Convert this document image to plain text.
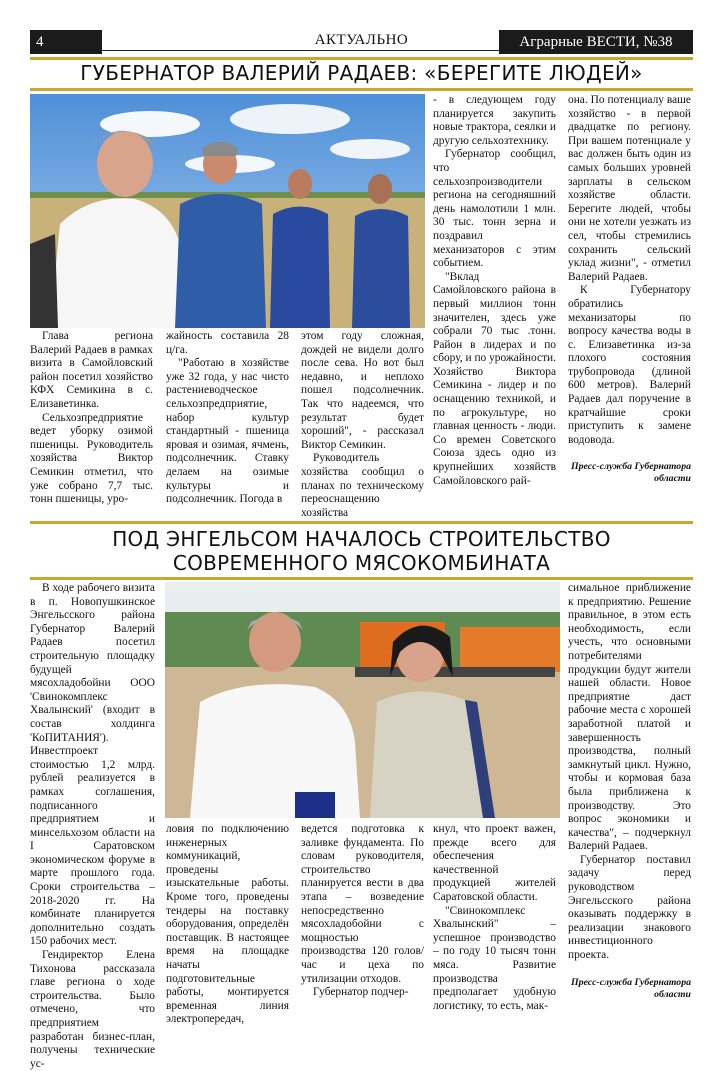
АКТУАЛЬНО
4	Аграрные ВЕСТИ, №38
ГУБЕРНАТОР ВАЛЕРИЙ РАДАЕВ: «БЕРЕГИТЕ ЛЮДЕЙ»

Глава региона Валерий Радаев в рамках визита в Самойловский район посетил хозяйство КФХ Семикина в с. Елизаветинка.

Сельхозпредприятие ведет уборку озимой пшеницы. Руководитель хозяйства Виктор Семикин отметил, что уже собрано 7,7 тыс. тонн пшеницы, уро-

жайность составила 28 ц/га.

"Работаю в хозяйстве уже 32 года, у нас чисто растениеводческое сельхозпредприятие, набор культур стандартный - пшеница яровая и озимая, ячмень, подсолнечник. Ставку делаем на озимые культуры и подсолнечник. Погода в

этом году сложная, дождей не видели долго после сева. Но вот был недавно, и неплохо пошел подсолнечник. Так что надеемся, что результат будет хороший", - рассказал Виктор Семикин.

Руководитель хозяйства сообщил о планах по техническому переоснащению хозяйства

- в следующем году планируется закупить новые трактора, сеялки и другую сельхозтехнику.

Губернатор сообщил, что сельхозпроизводители региона на сегодняшний день намолотили 1 млн. 30 тыс. тонн зерна и поздравил механизаторов с этим событием.

"Вклад Самойловского района в первый миллион тонн значителен, здесь уже собрали 70 тыс .тонн. Район в лидерах и по сбору, и по урожайности. Хозяйство Виктора Семикина - лидер и по оснащению техникой, и по агрокультуре, но главная ценность - люди. Со времен Советского Союза здесь одно из крупнейших хозяйств Самойловского рай-

она. По потенциалу ваше хозяйство - в первой двадцатке по региону. При вашем потенциале у вас должен быть один из самых больших уровней зарплаты в сельском хозяйстве области. Берегите людей, чтобы они не хотели уезжать из сел, чтобы стремились сохранить сельский уклад жизни", - отметил Валерий Радаев.

К Губернатору обратились механизаторы по вопросу качества воды в с. Елизаветинка из-за плохого состояния трубопровода (длиной 600 метров). Валерий Радаев дал поручение в кратчайшие сроки приступить к замене водовода.

Пресс-служба Губернатора области

ПОД ЭНГЕЛЬСОМ НАЧАЛОСЬ СТРОИТЕЛЬСТВО
СОВРЕМЕННОГО МЯСОКОМБИНАТА

В ходе рабочего визита в п. Новопушкинское Энгельсского района Губернатор Валерий Радаев посетил строительную площадку будущей мясохладобойни ООО 'Свинокомплекс Хвалынский' (входит в состав холдинга 'КоПИТАНИЯ'). Инвестпроект стоимостью 1,2 млрд. рублей реализуется в рамках соглашения, подписанного предприятием и минсельхозом области на I Саратовском экономическом форуме в марте прошлого года. Сроки строительства – 2018-2020 гг. На комбинате планируется дополнительно создать 150 рабочих мест.

Гендиректор Елена Тихонова рассказала главе региона о ходе строительства. Было отмечено, что предприятием разработан бизнес-план, получены технические ус-

ловия по подключению инженерных коммуникаций, проведены изыскательные работы. Кроме того, проведены тендеры на поставку оборудования, определён поставщик. В настоящее время на площадке начаты подготовительные работы, монтируется временная линия электропередач,

ведется подготовка к заливке фундамента. По словам руководителя, строительство планируется вести в два этапа – возведение непосредственно мясохладобойни с мощностью производства 120 голов/час и цеха по утилизации отходов.

Губернатор подчер-

кнул, что проект важен, прежде всего для обеспечения качественной продукцией жителей Саратовской области.

"Свинокомплекс Хвалынский" – успешное производство – по году 10 тысяч тонн мяса. Развитие производства предполагает удобную логистику, то есть, мак-

симальное приближение к предприятию. Решение правильное, в этом есть необходимость, если учесть, что основными потребителями продукции будут жители нашей области. Новое предприятие даст рабочие места с хорошей заработной платой и завершенность производства, полный замкнутый цикл. Нужно, чтобы и кормовая база была приближена к производству. Это вопрос экономики и качества", – подчеркнул Валерий Радаев.

Губернатор поставил задачу перед руководством Энгельсского района оказывать поддержку в реализации знакового инвестиционного проекта.

Пресс-служба Губернатора области
